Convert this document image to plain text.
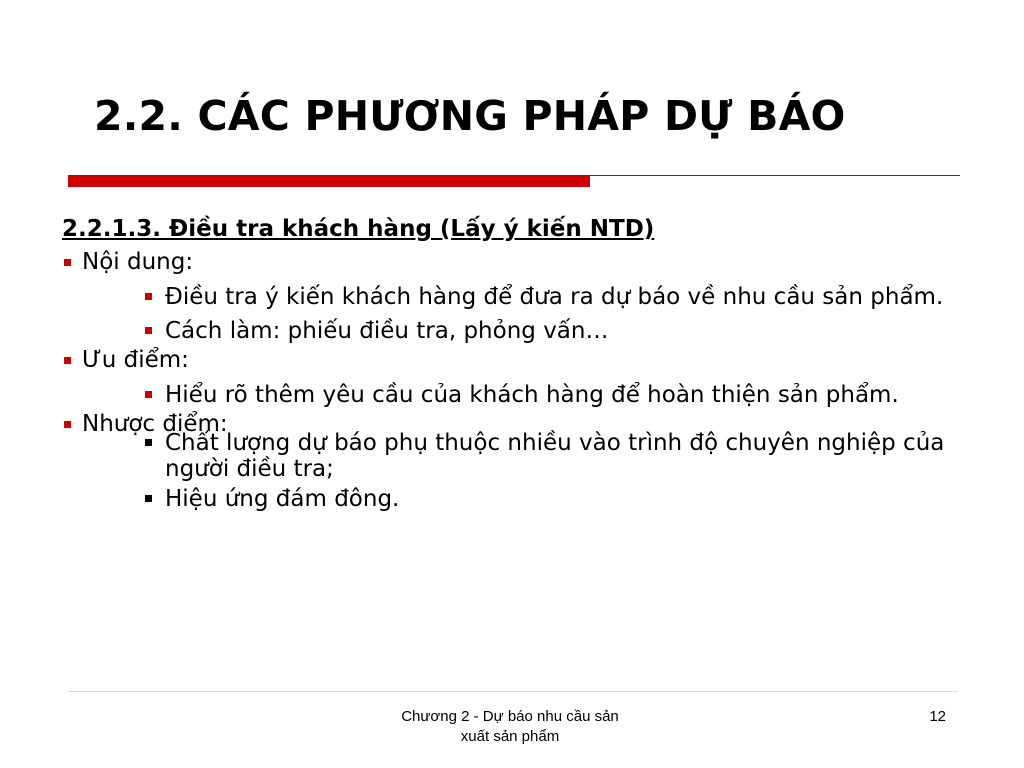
2.2. CÁC PHƯƠNG PHÁP DỰ BÁO
2.2.1.3. Điều tra khách hàng (Lấy ý kiến NTD)
Nội dung:
Điều tra ý kiến khách hàng để đưa ra dự báo về nhu cầu sản phẩm.
Cách làm: phiếu điều tra, phỏng vấn…
Ưu điểm:
Hiểu rõ thêm yêu cầu của khách hàng để hoàn thiện sản phẩm.
Nhược điểm:
Chất lượng dự báo phụ thuộc nhiều vào trình độ chuyên nghiệp của người điều tra;
Hiệu ứng đám đông.
Chương 2 - Dự báo nhu cầu sản
xuất sản phẩm
12
